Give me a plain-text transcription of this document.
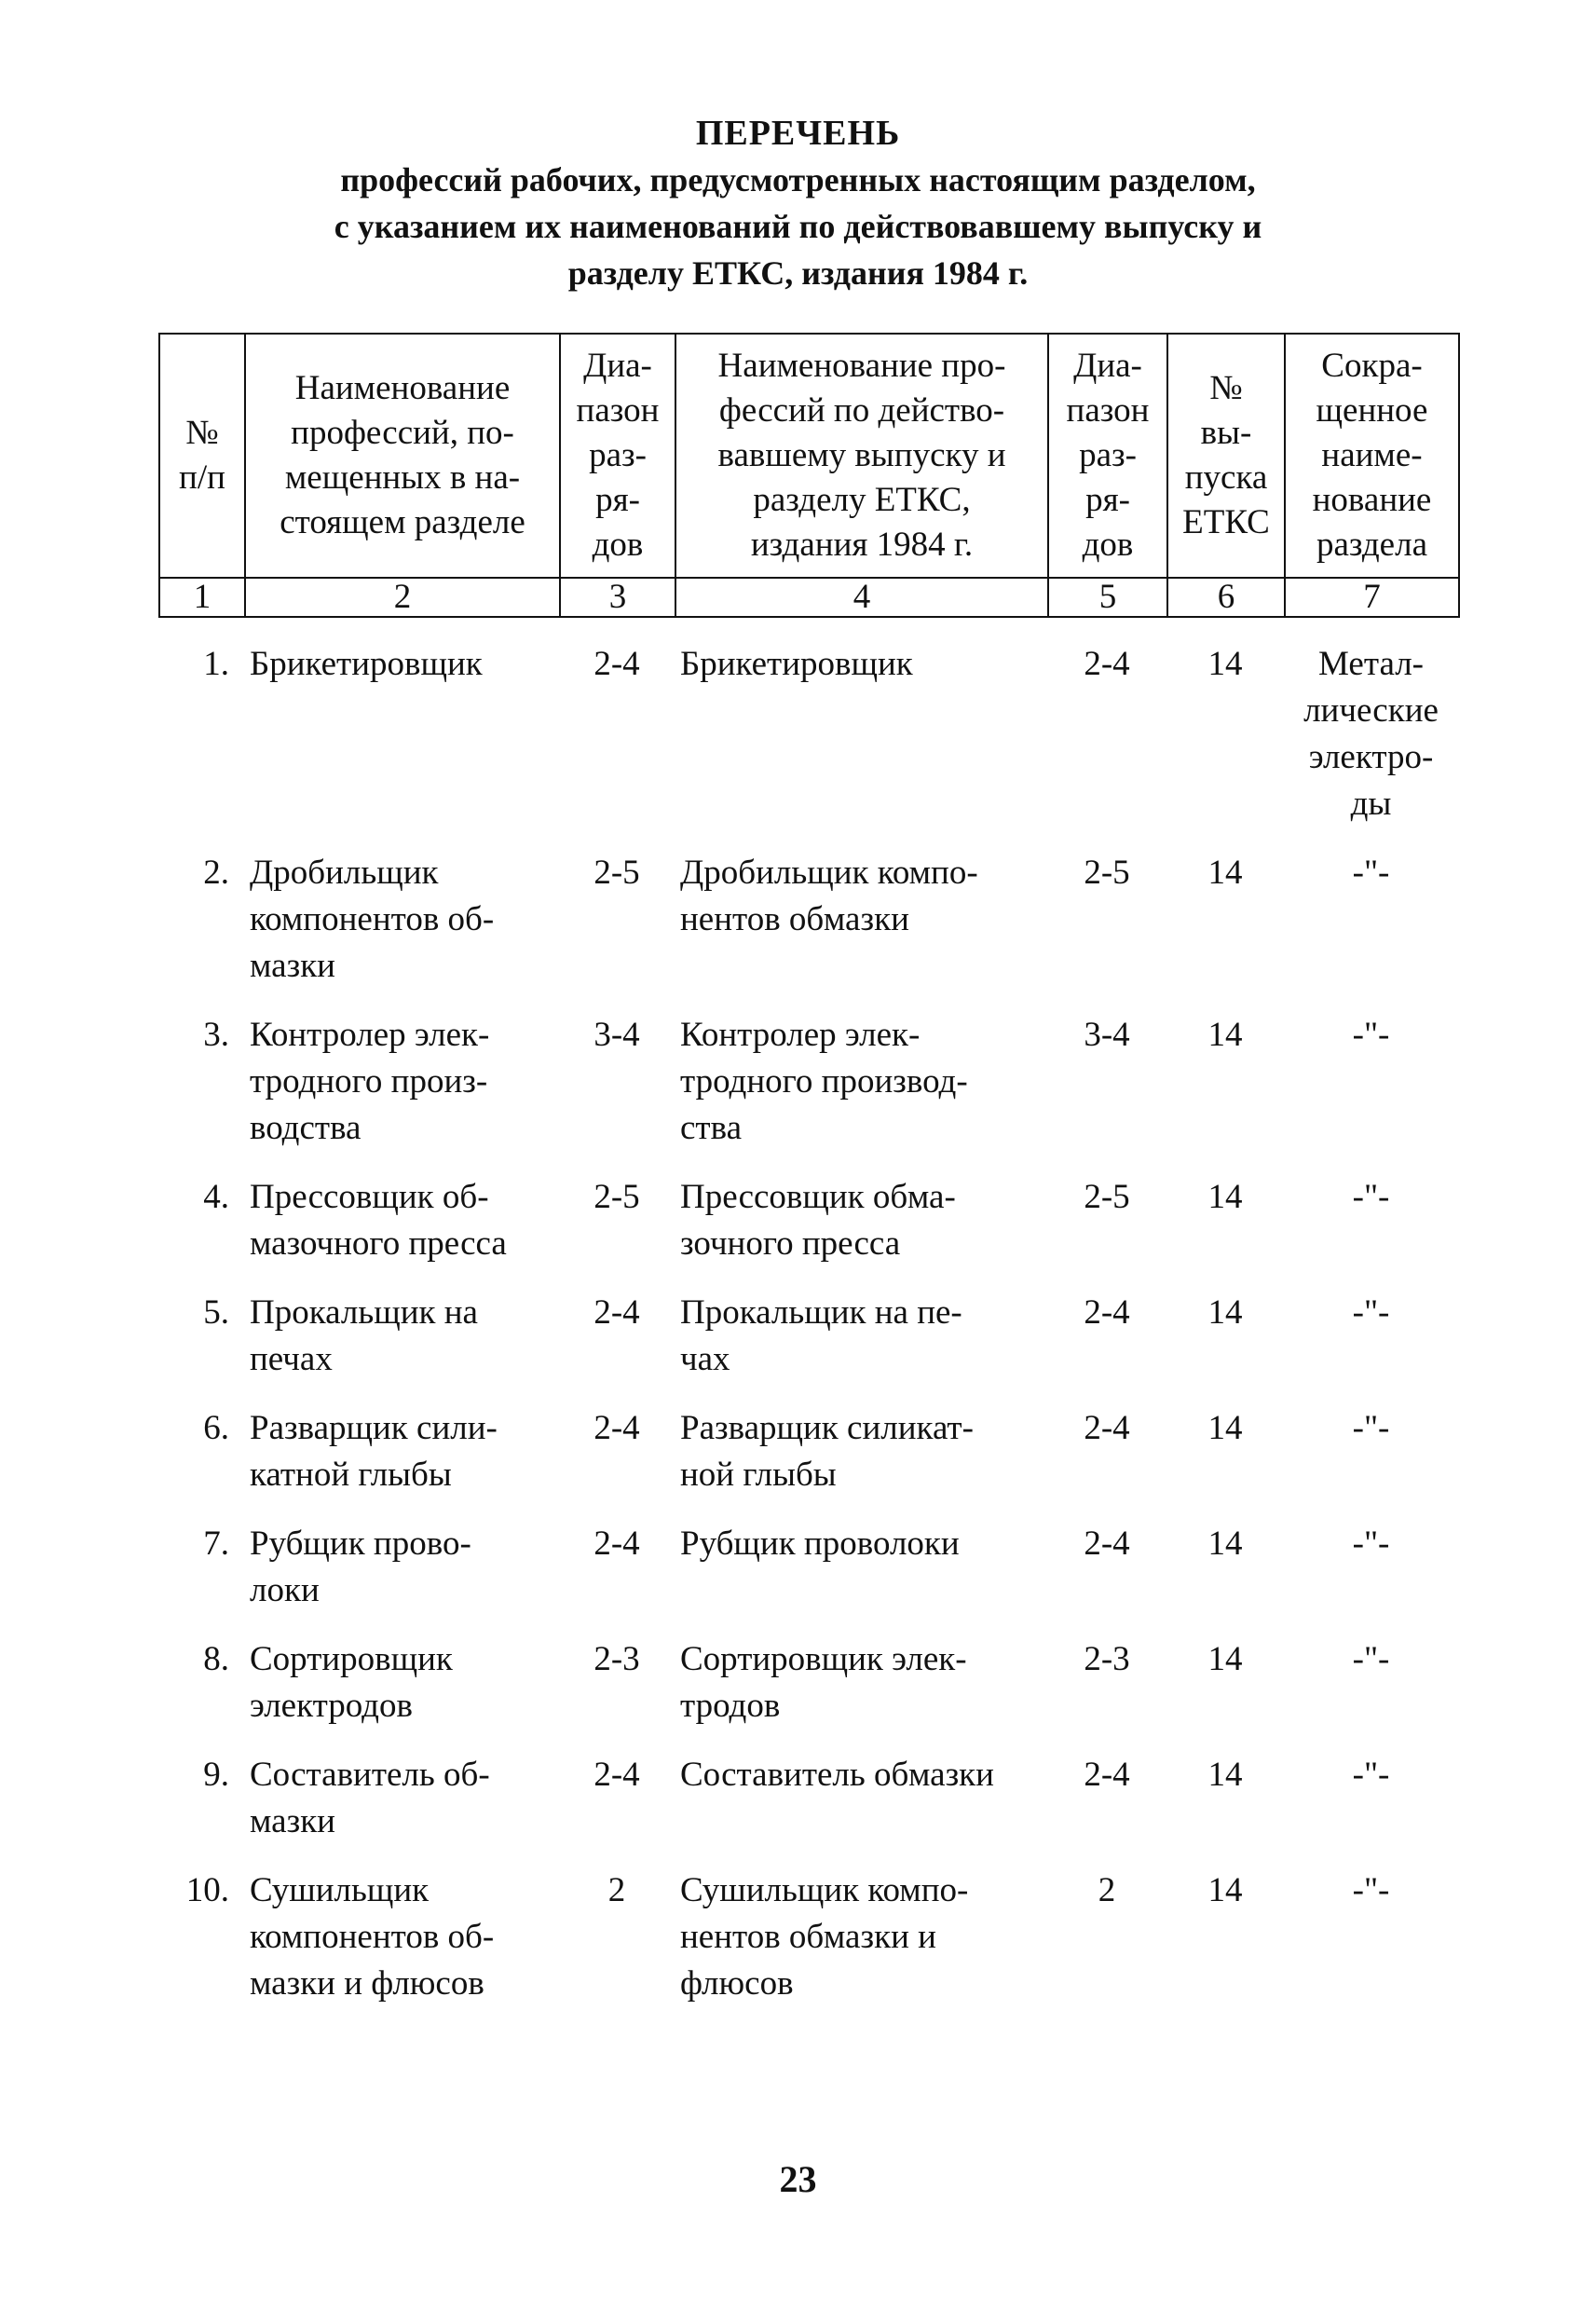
ПЕРЕЧЕНЬ
профессий рабочих, предусмотренных настоящим разделом,
с указанием их наименований по действовавшему выпуску и
разделу ЕТКС, издания 1984 г.
№
п/п	Наименование
профессий, по-
мещенных в на-
стоящем разделе	Диа-
пазон
раз-
ря-
дов	Наименование про-
фессий по действо-
вавшему выпуску и
разделу ЕТКС,
издания 1984 г.	Диа-
пазон
раз-
ря-
дов	№
вы-
пуска
ЕТКС	Сокра-
щенное
наиме-
нование
раздела
1	2	3	4	5	6	7
1.	Брикетировщик	2-4	Брикетировщик	2-4	14	Метал-
лические
электро-
ды
2.	Дробильщик
компонентов об-
мазки	2-5	Дробильщик компо-
нентов обмазки	2-5	14	-"-
3.	Контролер элек-
тродного произ-
водства	3-4	Контролер элек-
тродного производ-
ства	3-4	14	-"-
4.	Прессовщик об-
мазочного пресса	2-5	Прессовщик обма-
зочного пресса	2-5	14	-"-
5.	Прокальщик на
печах	2-4	Прокальщик на пе-
чах	2-4	14	-"-
6.	Разварщик сили-
катной глыбы	2-4	Разварщик силикат-
ной глыбы	2-4	14	-"-
7.	Рубщик прово-
локи	2-4	Рубщик проволоки	2-4	14	-"-
8.	Сортировщик
электродов	2-3	Сортировщик элек-
тродов	2-3	14	-"-
9.	Составитель об-
мазки	2-4	Составитель обмазки	2-4	14	-"-
10.	Сушильщик
компонентов об-
мазки и флюсов	2	Сушильщик компо-
нентов обмазки и
флюсов	2	14	-"-
23
